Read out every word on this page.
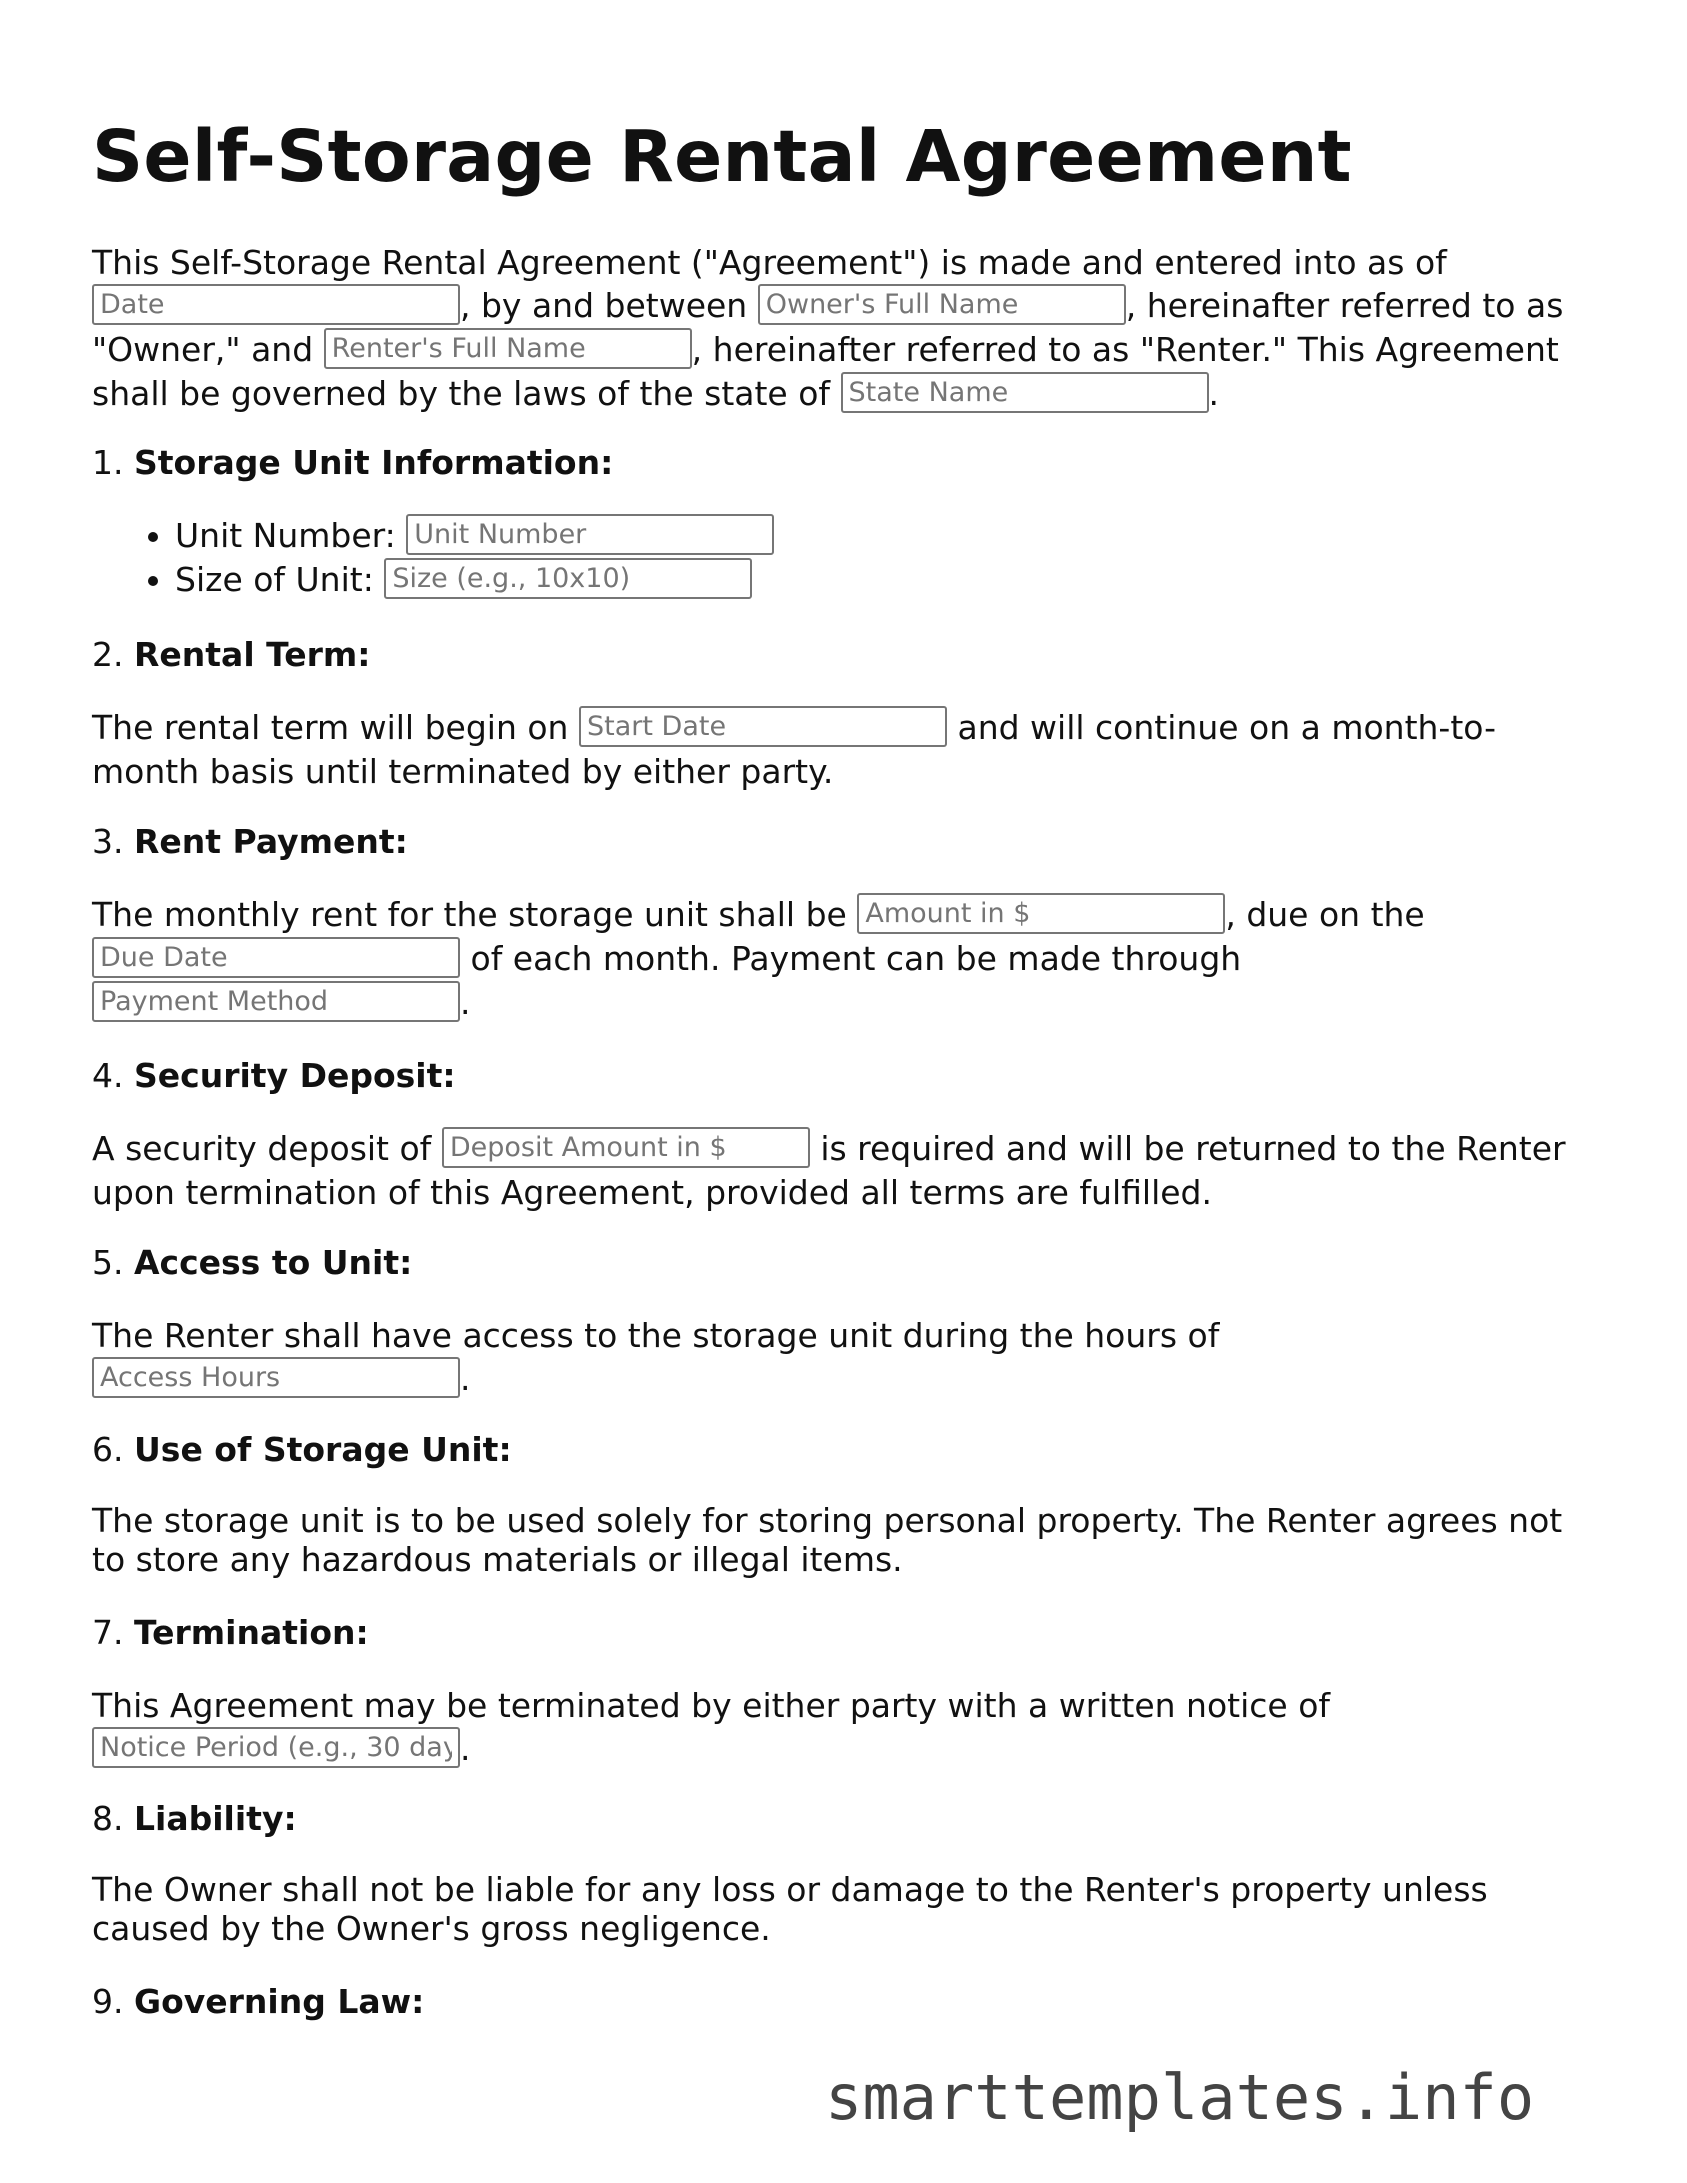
Self-Storage Rental Agreement
This Self-Storage Rental Agreement ("Agreement") is made and entered into as of
Date, by and between Owner's Full Name	, hereinafter referred to as "Owner," and Renter's Full Name	, hereinafter referred to as "Renter." This Agreement shall be governed by the laws of the state of State Name	.
1. Storage Unit Information:
• Unit Number: Unit Number
• Size of Unit: Size (e.g., 10x10)
2. Rental Term:
The rental term will begin on Start Date	and will continue on a month-to-month basis until terminated by either party.
3. Rent Payment:
The monthly rent for the storage unit shall be Amount in $	, due on the
Due Date of each month. Payment can be made through
Payment Method.
4. Security Deposit:
A security deposit of Deposit Amount in $	is required and will be returned to the Renter upon termination of this Agreement, provided all terms are fulfilled.
5. Access to Unit:
The Renter shall have access to the storage unit during the hours of
Access Hours.
6. Use of Storage Unit:
The storage unit is to be used solely for storing personal property. The Renter agrees not to store any hazardous materials or illegal items.
7. Termination:
This Agreement may be terminated by either party with a written notice of
Notice Period (e.g., 30 days).
8. Liability:
The Owner shall not be liable for any loss or damage to the Renter's property unless caused by the Owner's gross negligence.
9. Governing Law:
smarttemplates.info
